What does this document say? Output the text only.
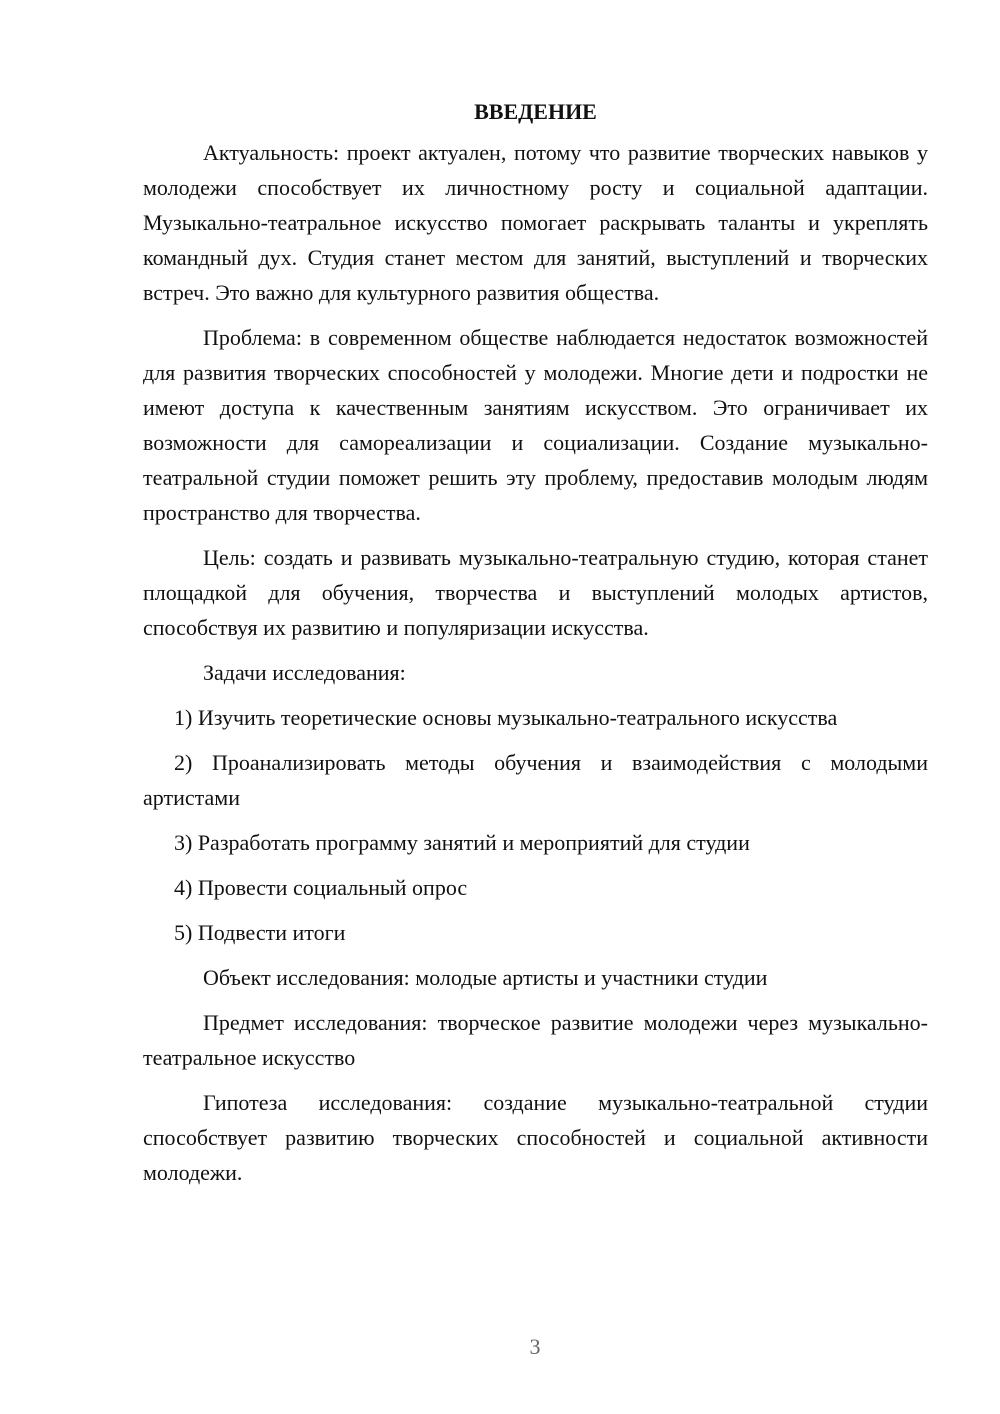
ВВЕДЕНИЕ

Актуальность: проект актуален, потому что развитие творческих навыков у молодежи способствует их личностному росту и социальной адаптации. Музыкально-театральное искусство помогает раскрывать таланты и укреплять командный дух. Студия станет местом для занятий, выступлений и творческих встреч. Это важно для культурного развития общества.

Проблема: в современном обществе наблюдается недостаток возможностей для развития творческих способностей у молодежи. Многие дети и подростки не имеют доступа к качественным занятиям искусством. Это ограничивает их возможности для самореализации и социализации. Создание музыкально-театральной студии поможет решить эту проблему, предоставив молодым людям пространство для творчества.

Цель: создать и развивать музыкально-театральную студию, которая станет площадкой для обучения, творчества и выступлений молодых артистов, способствуя их развитию и популяризации искусства.

Задачи исследования:

1) Изучить теоретические основы музыкально-театрального искусства

2) Проанализировать методы обучения и взаимодействия с молодыми артистами

3) Разработать программу занятий и мероприятий для студии

4) Провести социальный опрос

5) Подвести итоги

Объект исследования: молодые артисты и участники студии

Предмет исследования: творческое развитие молодежи через музыкально-театральное искусство

Гипотеза исследования: создание музыкально-театральной студии способствует развитию творческих способностей и социальной активности молодежи.

3
